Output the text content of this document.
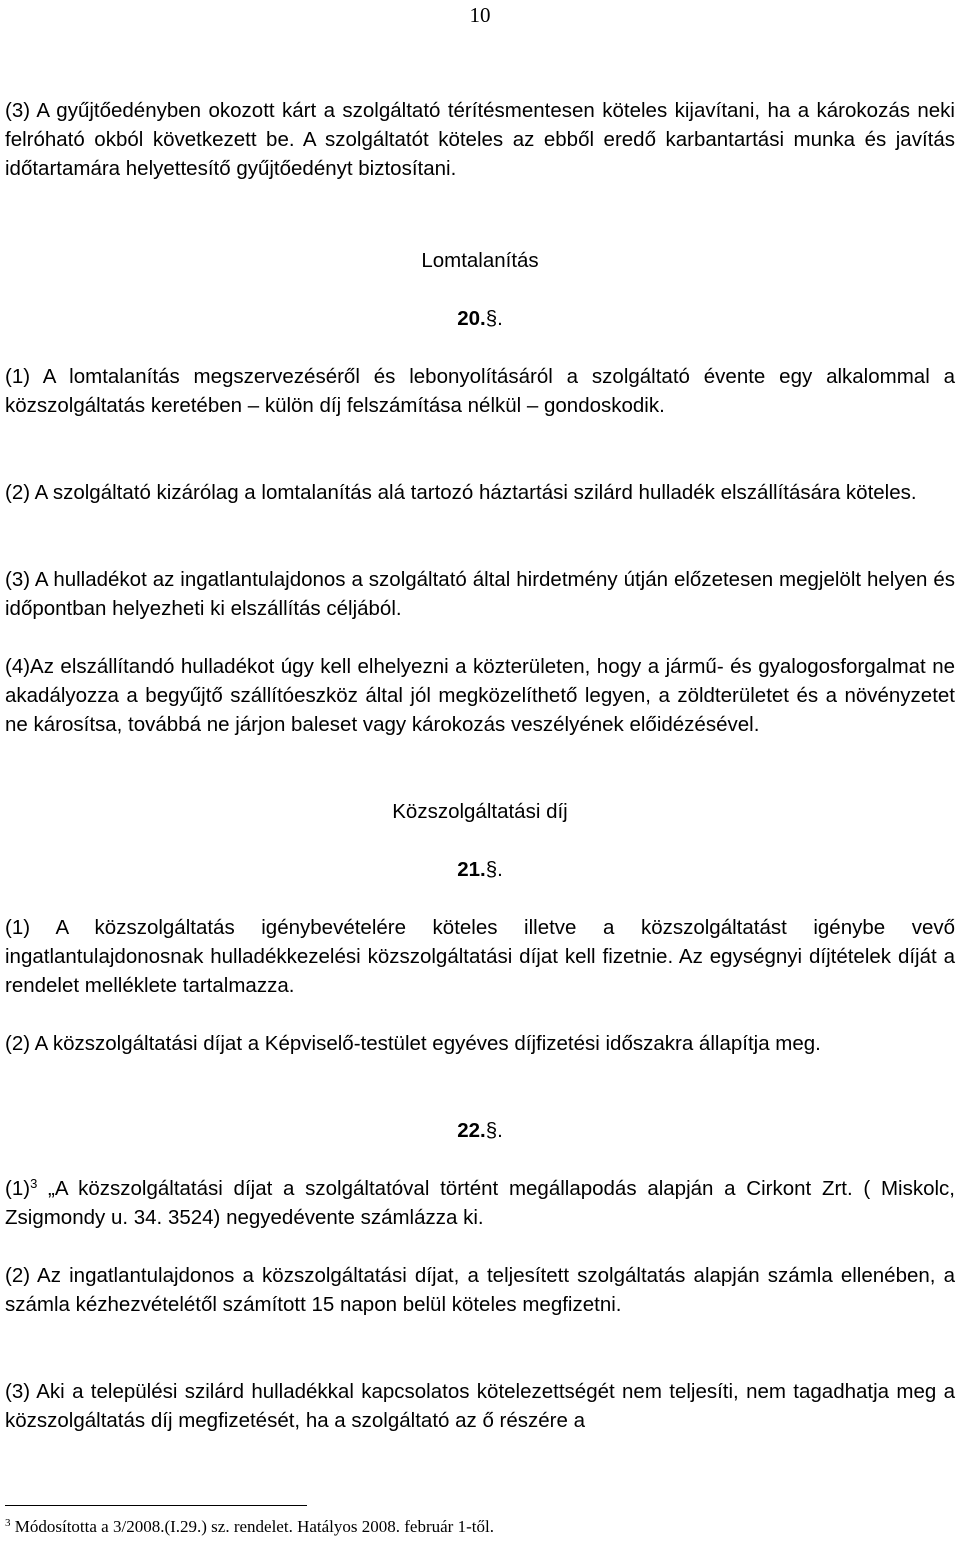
10

(3) A gyűjtőedényben okozott kárt a szolgáltató térítésmentesen köteles kijavítani, ha a károkozás neki felróható okból következett be. A szolgáltatót köteles az ebből eredő karbantartási munka és javítás időtartamára helyettesítő gyűjtőedényt biztosítani.

Lomtalanítás

20.§.

(1) A lomtalanítás megszervezéséről és lebonyolításáról a szolgáltató évente egy alkalommal a közszolgáltatás keretében – külön díj felszámítása nélkül – gondoskodik.

(2) A szolgáltató kizárólag a lomtalanítás alá tartozó háztartási szilárd hulladék elszállítására köteles.

(3) A hulladékot az ingatlantulajdonos a szolgáltató által hirdetmény útján előzetesen megjelölt helyen és időpontban helyezheti ki elszállítás céljából.

(4)Az elszállítandó hulladékot úgy kell elhelyezni a közterületen, hogy a jármű- és gyalogosforgalmat ne akadályozza a begyűjtő szállítóeszköz által jól megközelíthető legyen, a zöldterületet és a növényzetet ne károsítsa, továbbá ne járjon baleset vagy károkozás veszélyének előidézésével.

Közszolgáltatási díj

21.§.

(1) A közszolgáltatás igénybevételére köteles illetve a közszolgáltatást igénybe vevő ingatlantulajdonosnak hulladékkezelési közszolgáltatási díjat kell fizetnie. Az egységnyi díjtételek díját a rendelet melléklete tartalmazza.

(2) A közszolgáltatási díjat a Képviselő-testület egyéves díjfizetési időszakra állapítja meg.

22.§.

$(1)^3$ „A közszolgáltatási díjat a szolgáltatóval történt megállapodás alapján a Cirkont Zrt. ( Miskolc, Zsigmondy u. 34. 3524) negyedévente számlázza ki.

(2) Az ingatlantulajdonos a közszolgáltatási díjat, a teljesített szolgáltatás alapján számla ellenében, a számla kézhezvételétől számított 15 napon belül köteles megfizetni.

(3) Aki a települési szilárd hulladékkal kapcsolatos kötelezettségét nem teljesíti, nem tagadhatja meg a közszolgáltatás díj megfizetését, ha a szolgáltató az ő részére a

$^3$ Módosította a 3/2008.(I.29.) sz. rendelet. Hatályos 2008. február 1-től.
